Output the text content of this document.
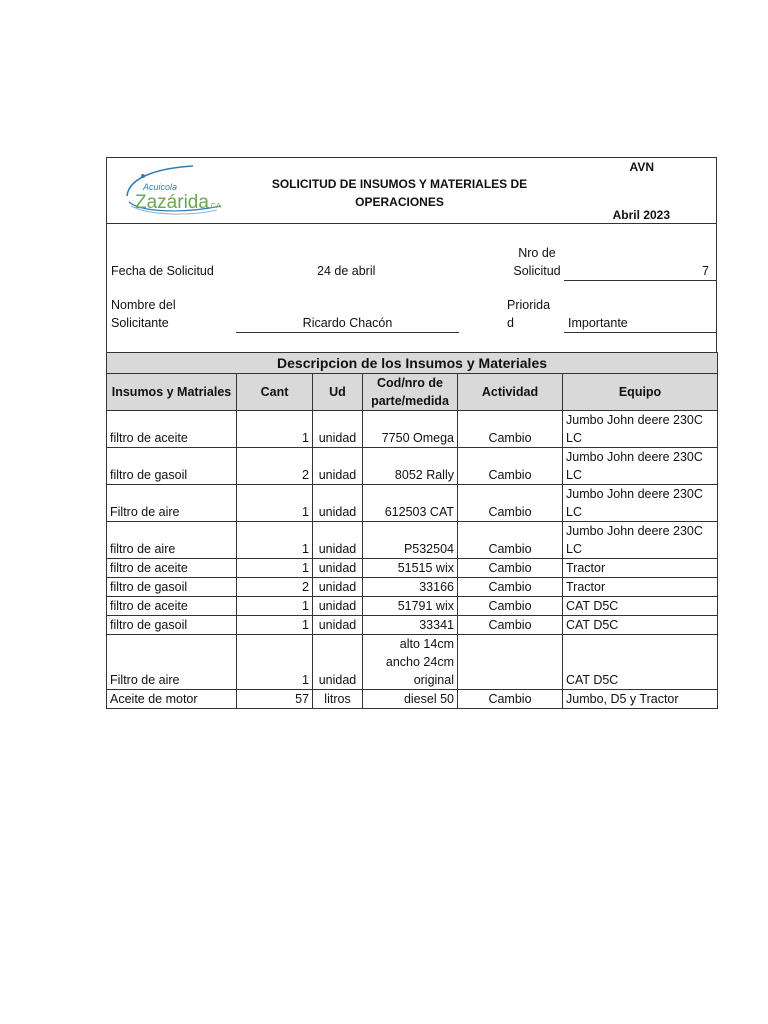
Acuicola
Zazárida
, CA
SOLICITUD DE INSUMOS Y MATERIALES DE
OPERACIONES
AVN
Abril 2023
Fecha de Solicitud	24 de abril
Nro de
Solicitud	7
Nombre del
Solicitante	Ricardo Chacón
Priorida
d	Importante
Descripcion de los Insumos y Materiales					
Insumos y Matriales	Cant	Ud	Cod/nro de parte/medida	Actividad	Equipo
filtro de aceite	1	unidad	7750 Omega	Cambio	Jumbo John deere 230C LC
filtro de gasoil	2	unidad	8052 Rally	Cambio	Jumbo John deere 230C LC
Filtro de aire	1	unidad	612503 CAT	Cambio	Jumbo John deere 230C LC
filtro de aire	1	unidad	P532504	Cambio	Jumbo John deere 230C LC
filtro de aceite	1	unidad	51515 wix	Cambio	Tractor
filtro de gasoil	2	unidad	33166	Cambio	Tractor
filtro de aceite	1	unidad	51791 wix	Cambio	CAT D5C
filtro de gasoil	1	unidad	33341	Cambio	CAT D5C
Filtro de aire	1	unidad	alto 14cm ancho 24cm original		CAT D5C
Aceite de motor	57	litros	diesel 50	Cambio	Jumbo, D5 y Tractor
